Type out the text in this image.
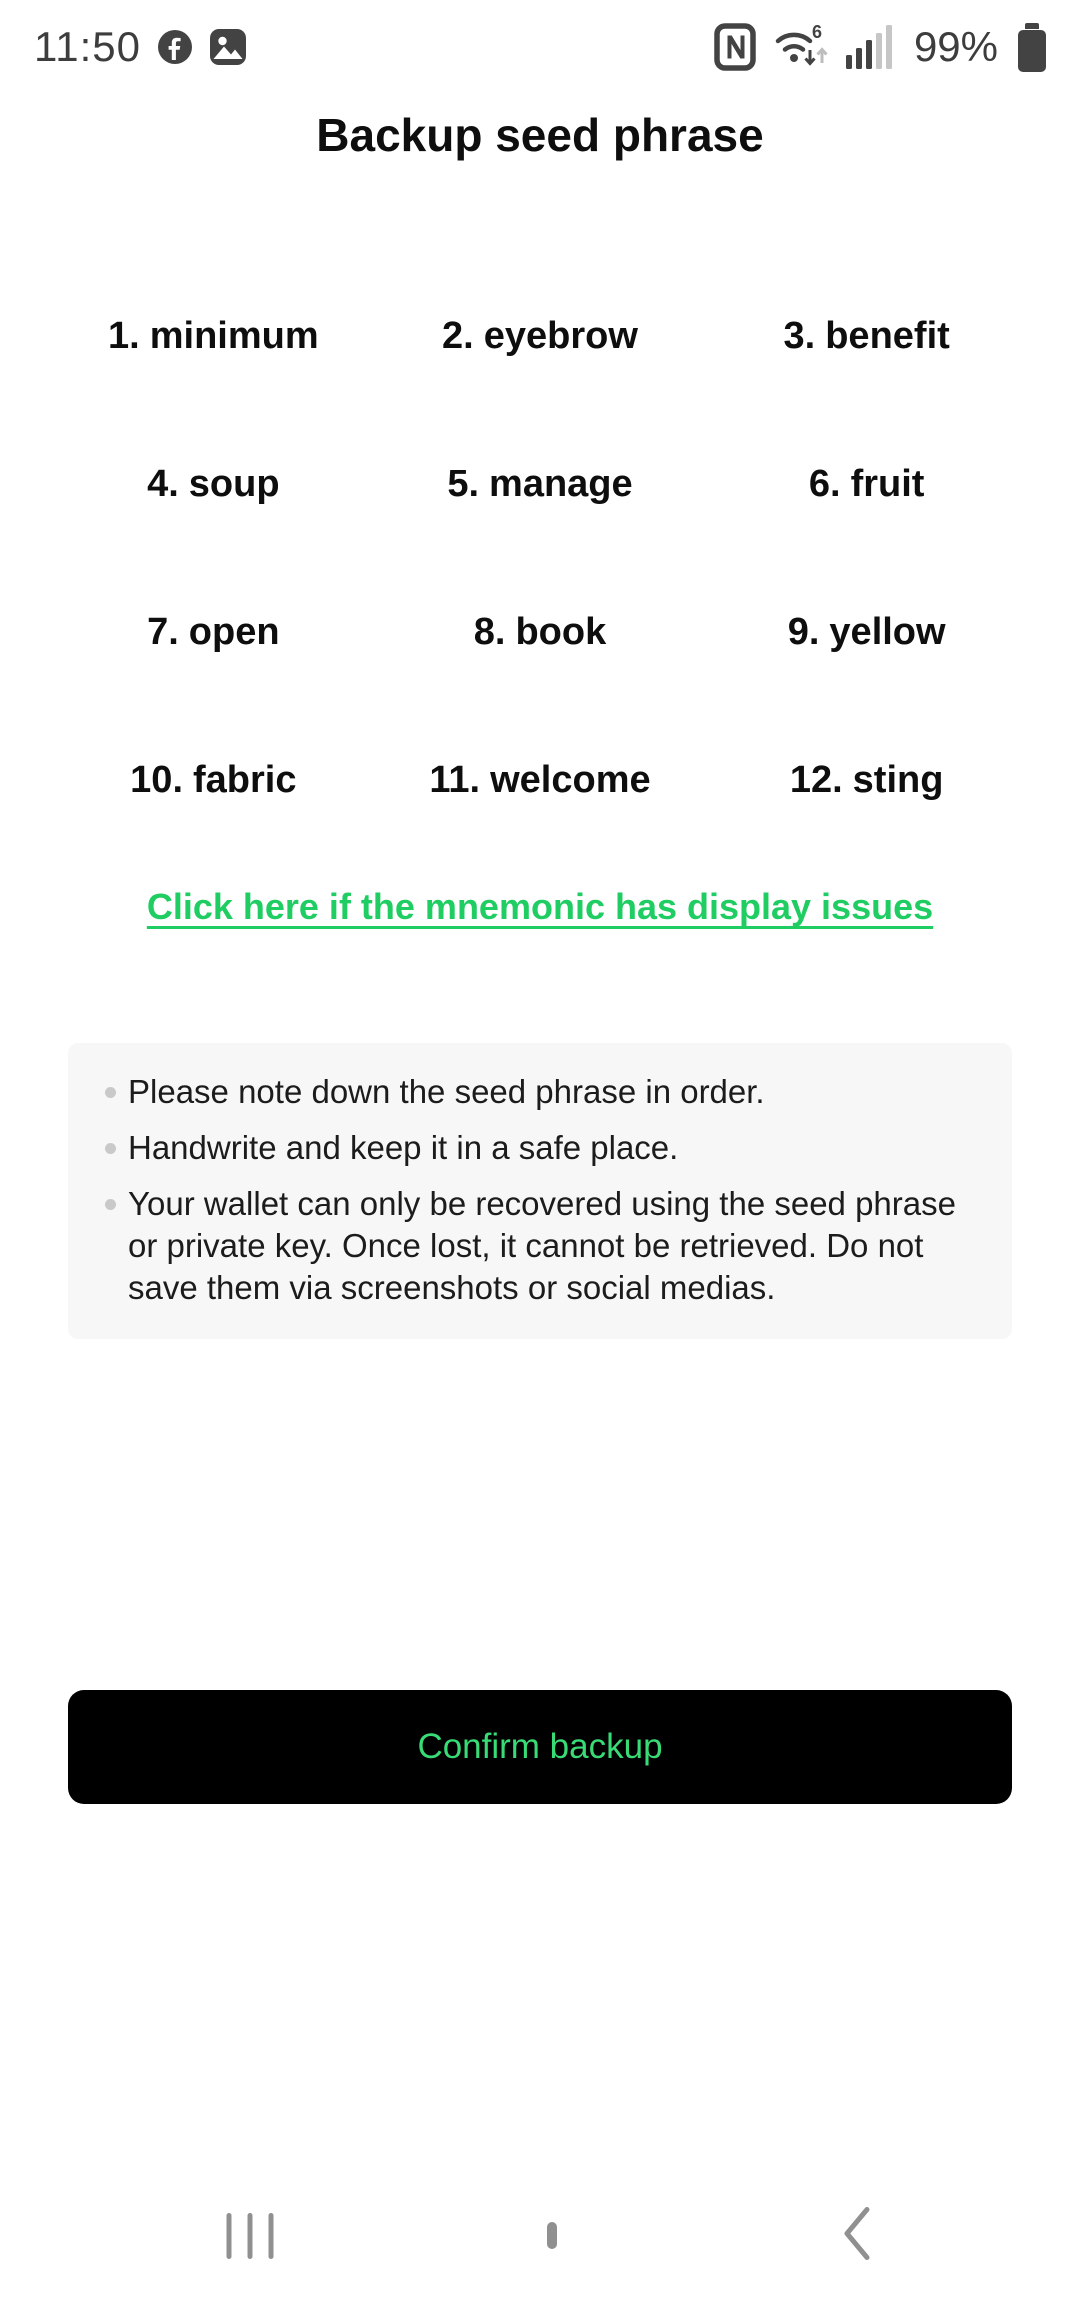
11:50	6 99%
Backup seed phrase
1. minimum	2. eyebrow	3. benefit
4. soup	5. manage	6. fruit
7. open	8. book	9. yellow
10. fabric	11. welcome	12. sting
Click here if the mnemonic has display issues
Please note down the seed phrase in order.
Handwrite and keep it in a safe place.
Your wallet can only be recovered using the seed phrase or private key. Once lost, it cannot be retrieved. Do not save them via screenshots or social medias.
Confirm backup
